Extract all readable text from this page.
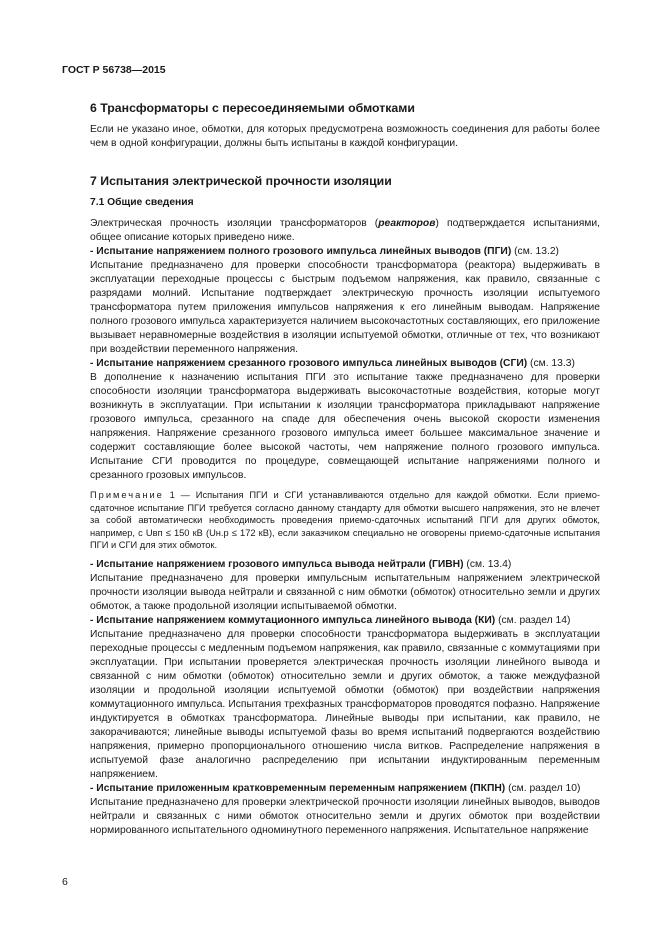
ГОСТ Р 56738—2015

6 Трансформаторы с пересоединяемыми обмотками

Если не указано иное, обмотки, для которых предусмотрена возможность соединения для работы более чем в одной конфигурации, должны быть испытаны в каждой конфигурации.

7 Испытания электрической прочности изоляции

7.1 Общие сведения

Электрическая прочность изоляции трансформаторов (реакторов) подтверждается испытаниями, общее описание которых приведено ниже.

- Испытание напряжением полного грозового импульса линейных выводов (ПГИ) (см. 13.2)

Испытание предназначено для проверки способности трансформатора (реактора) выдерживать в эксплуатации переходные процессы с быстрым подъемом напряжения, как правило, связанные с разрядами молний. Испытание подтверждает электрическую прочность изоляции испытуемого трансформатора путем приложения импульсов напряжения к его линейным выводам. Напряжение полного грозового импульса характеризуется наличием высокочастотных составляющих, его приложение вызывает неравномерные воздействия в изоляции испытуемой обмотки, отличные от тех, что возникают при воздействии переменного напряжения.

- Испытание напряжением срезанного грозового импульса линейных выводов (СГИ) (см. 13.3)

В дополнение к назначению испытания ПГИ это испытание также предназначено для проверки способности изоляции трансформатора выдерживать высокочастотные воздействия, которые могут возникнуть в эксплуатации. При испытании к изоляции трансформатора прикладывают напряжение грозового импульса, срезанного на спаде для обеспечения очень высокой скорости изменения напряжения. Напряжение срезанного грозового импульса имеет большее максимальное значение и содержит составляющие более высокой частоты, чем напряжение полного грозового импульса. Испытание СГИ проводится по процедуре, совмещающей испытание напряжениями полного и срезанного грозовых импульсов.

Примечание 1 — Испытания ПГИ и СГИ устанавливаются отдельно для каждой обмотки. Если приемо-сдаточное испытание ПГИ требуется согласно данному стандарту для обмотки высшего напряжения, это не влечет за собой автоматически необходимость проведения приемо-сдаточных испытаний ПГИ для других обмоток, например, с Uвп ≤ 150 кВ (Uн.р ≤ 172 кВ), если заказчиком специально не оговорены приемо-сдаточные испытания ПГИ и СГИ для этих обмоток.

- Испытание напряжением грозового импульса вывода нейтрали (ГИВН) (см. 13.4)

Испытание предназначено для проверки импульсным испытательным напряжением электрической прочности изоляции вывода нейтрали и связанной с ним обмотки (обмоток) относительно земли и других обмоток, а также продольной изоляции испытываемой обмотки.

- Испытание напряжением коммутационного импульса линейного вывода (КИ) (см. раздел 14)

Испытание предназначено для проверки способности трансформатора выдерживать в эксплуатации переходные процессы с медленным подъемом напряжения, как правило, связанные с коммутациями при эксплуатации. При испытании проверяется электрическая прочность изоляции линейного вывода и связанной с ним обмотки (обмоток) относительно земли и других обмоток, а также междуфазной изоляции и продольной изоляции испытуемой обмотки (обмоток) при воздействии напряжения коммутационного импульса. Испытания трехфазных трансформаторов проводятся пофазно. Напряжение индуктируется в обмотках трансформатора. Линейные выводы при испытании, как правило, не закорачиваются; линейные выводы испытуемой фазы во время испытаний подвергаются воздействию напряжения, примерно пропорционального отношению числа витков. Распределение напряжения в испытуемой фазе аналогично распределению при испытании индуктированным переменным напряжением.

- Испытание приложенным кратковременным переменным напряжением (ПКПН) (см. раздел 10)

Испытание предназначено для проверки электрической прочности изоляции линейных выводов, выводов нейтрали и связанных с ними обмоток относительно земли и других обмоток при воздействии нормированного испытательного одноминутного переменного напряжения. Испытательное напряжение

6
